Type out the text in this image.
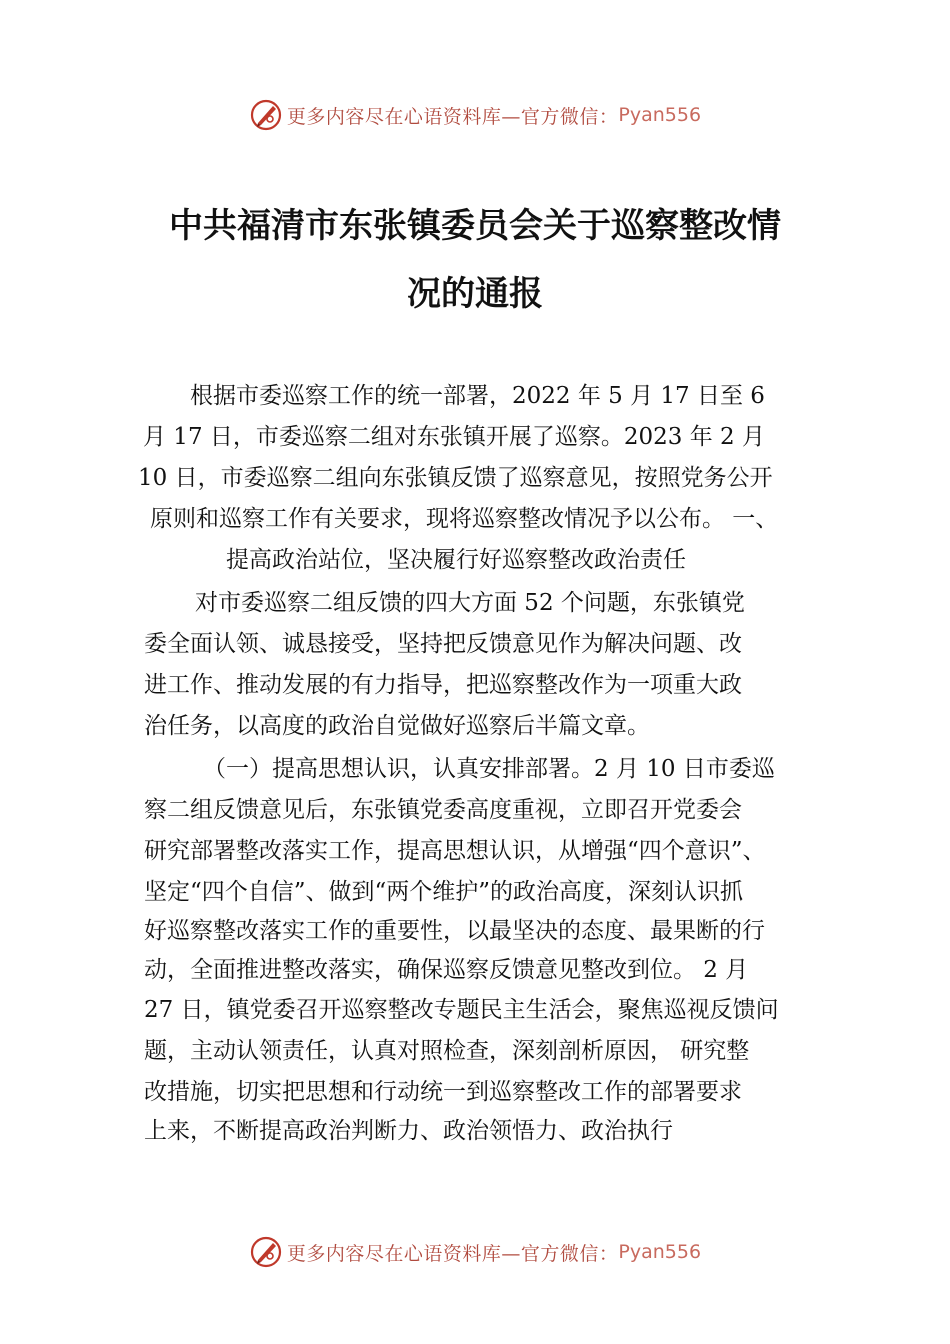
更多内容尽在心语资料库—官方微信： Pyan556
中共福清市东张镇委员会关于巡察整改情
况的通报
根据市委巡察工作的统一部署，2022 年 5 月 17 日至 6
月 17 日，市委巡察二组对东张镇开展了巡察。2023 年 2 月
10 日，市委巡察二组向东张镇反馈了巡察意见，按照党务公开
原则和巡察工作有关要求，现将巡察整改情况予以公布。 一、
提高政治站位，坚决履行好巡察整改政治责任
对市委巡察二组反馈的四大方面 52 个问题，东张镇党
委全面认领、诚恳接受，坚持把反馈意见作为解决问题、改
进工作、推动发展的有力指导，把巡察整改作为一项重大政
治任务，以高度的政治自觉做好巡察后半篇文章。
（一）提高思想认识，认真安排部署。2 月 10 日市委巡
察二组反馈意见后，东张镇党委高度重视，立即召开党委会
研究部署整改落实工作，提高思想认识，从增强“四个意识”、
坚定“四个自信”、做到“两个维护”的政治高度，深刻认识抓
好巡察整改落实工作的重要性，以最坚决的态度、最果断的行
动，全面推进整改落实，确保巡察反馈意见整改到位。 2 月
27 日，镇党委召开巡察整改专题民主生活会，聚焦巡视反馈问
题，主动认领责任，认真对照检查，深刻剖析原因， 研究整
改措施，切实把思想和行动统一到巡察整改工作的部署要求
上来，不断提高政治判断力、政治领悟力、政治执行
更多内容尽在心语资料库—官方微信： Pyan556
